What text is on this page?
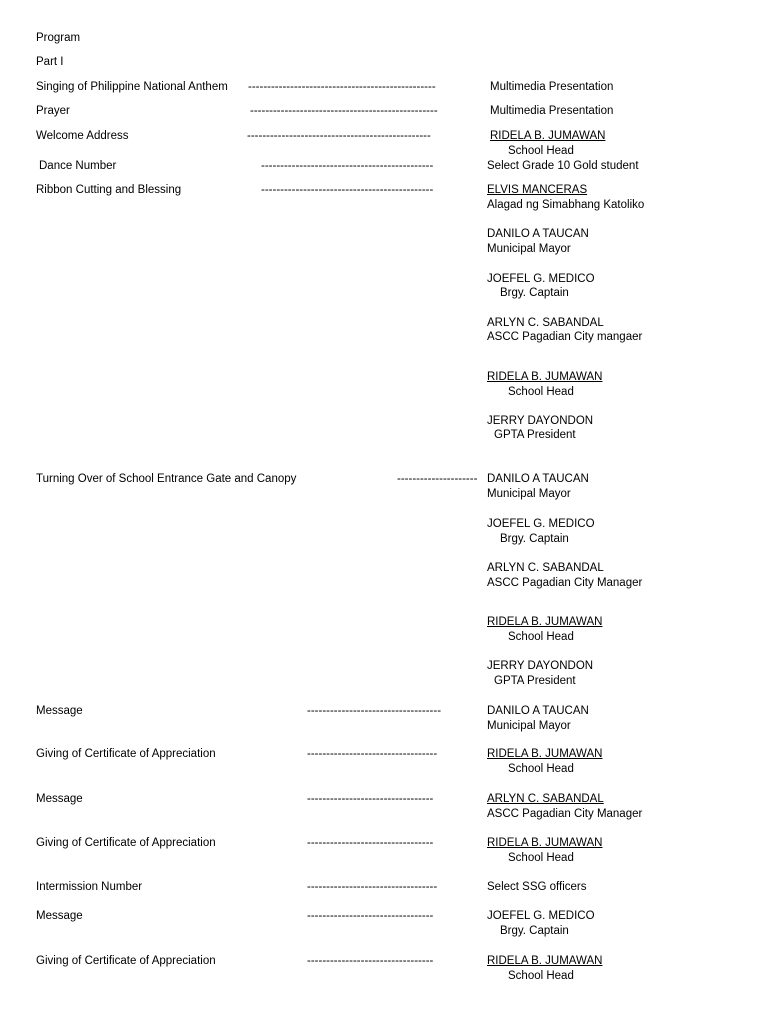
Program
Part I
Singing of Philippine National Anthem -------------------------------------------------	Multimedia Presentation
Prayer	-------------------------------------------------	Multimedia Presentation
Welcome Address	------------------------------------------------	RIDELA B. JUMAWAN
School Head
Dance Number	---------------------------------------------	Select Grade 10 Gold student
Ribbon Cutting and Blessing	---------------------------------------------	ELVIS MANCERAS
Alagad ng Simabhang Katoliko
DANILO A TAUCAN
Municipal Mayor
JOEFEL G. MEDICO
Brgy. Captain
ARLYN C. SABANDAL
ASCC Pagadian City mangaer
RIDELA B. JUMAWAN
School Head
JERRY DAYONDON
GPTA President
Turning Over of School Entrance Gate and Canopy	--------------------- DANILO A TAUCAN
Municipal Mayor
JOEFEL G. MEDICO
Brgy. Captain
ARLYN C. SABANDAL
ASCC Pagadian City Manager
RIDELA B. JUMAWAN
School Head
JERRY DAYONDON
GPTA President
Message	-----------------------------------	DANILO A TAUCAN
Municipal Mayor
Giving of Certificate of Appreciation	----------------------------------	RIDELA B. JUMAWAN
School Head
Message	---------------------------------	ARLYN C. SABANDAL
ASCC Pagadian City Manager
Giving of Certificate of Appreciation	---------------------------------	RIDELA B. JUMAWAN
School Head
Intermission Number	----------------------------------	Select SSG officers
Message	---------------------------------	JOEFEL G. MEDICO
Brgy. Captain
Giving of Certificate of Appreciation	---------------------------------	RIDELA B. JUMAWAN
School Head
